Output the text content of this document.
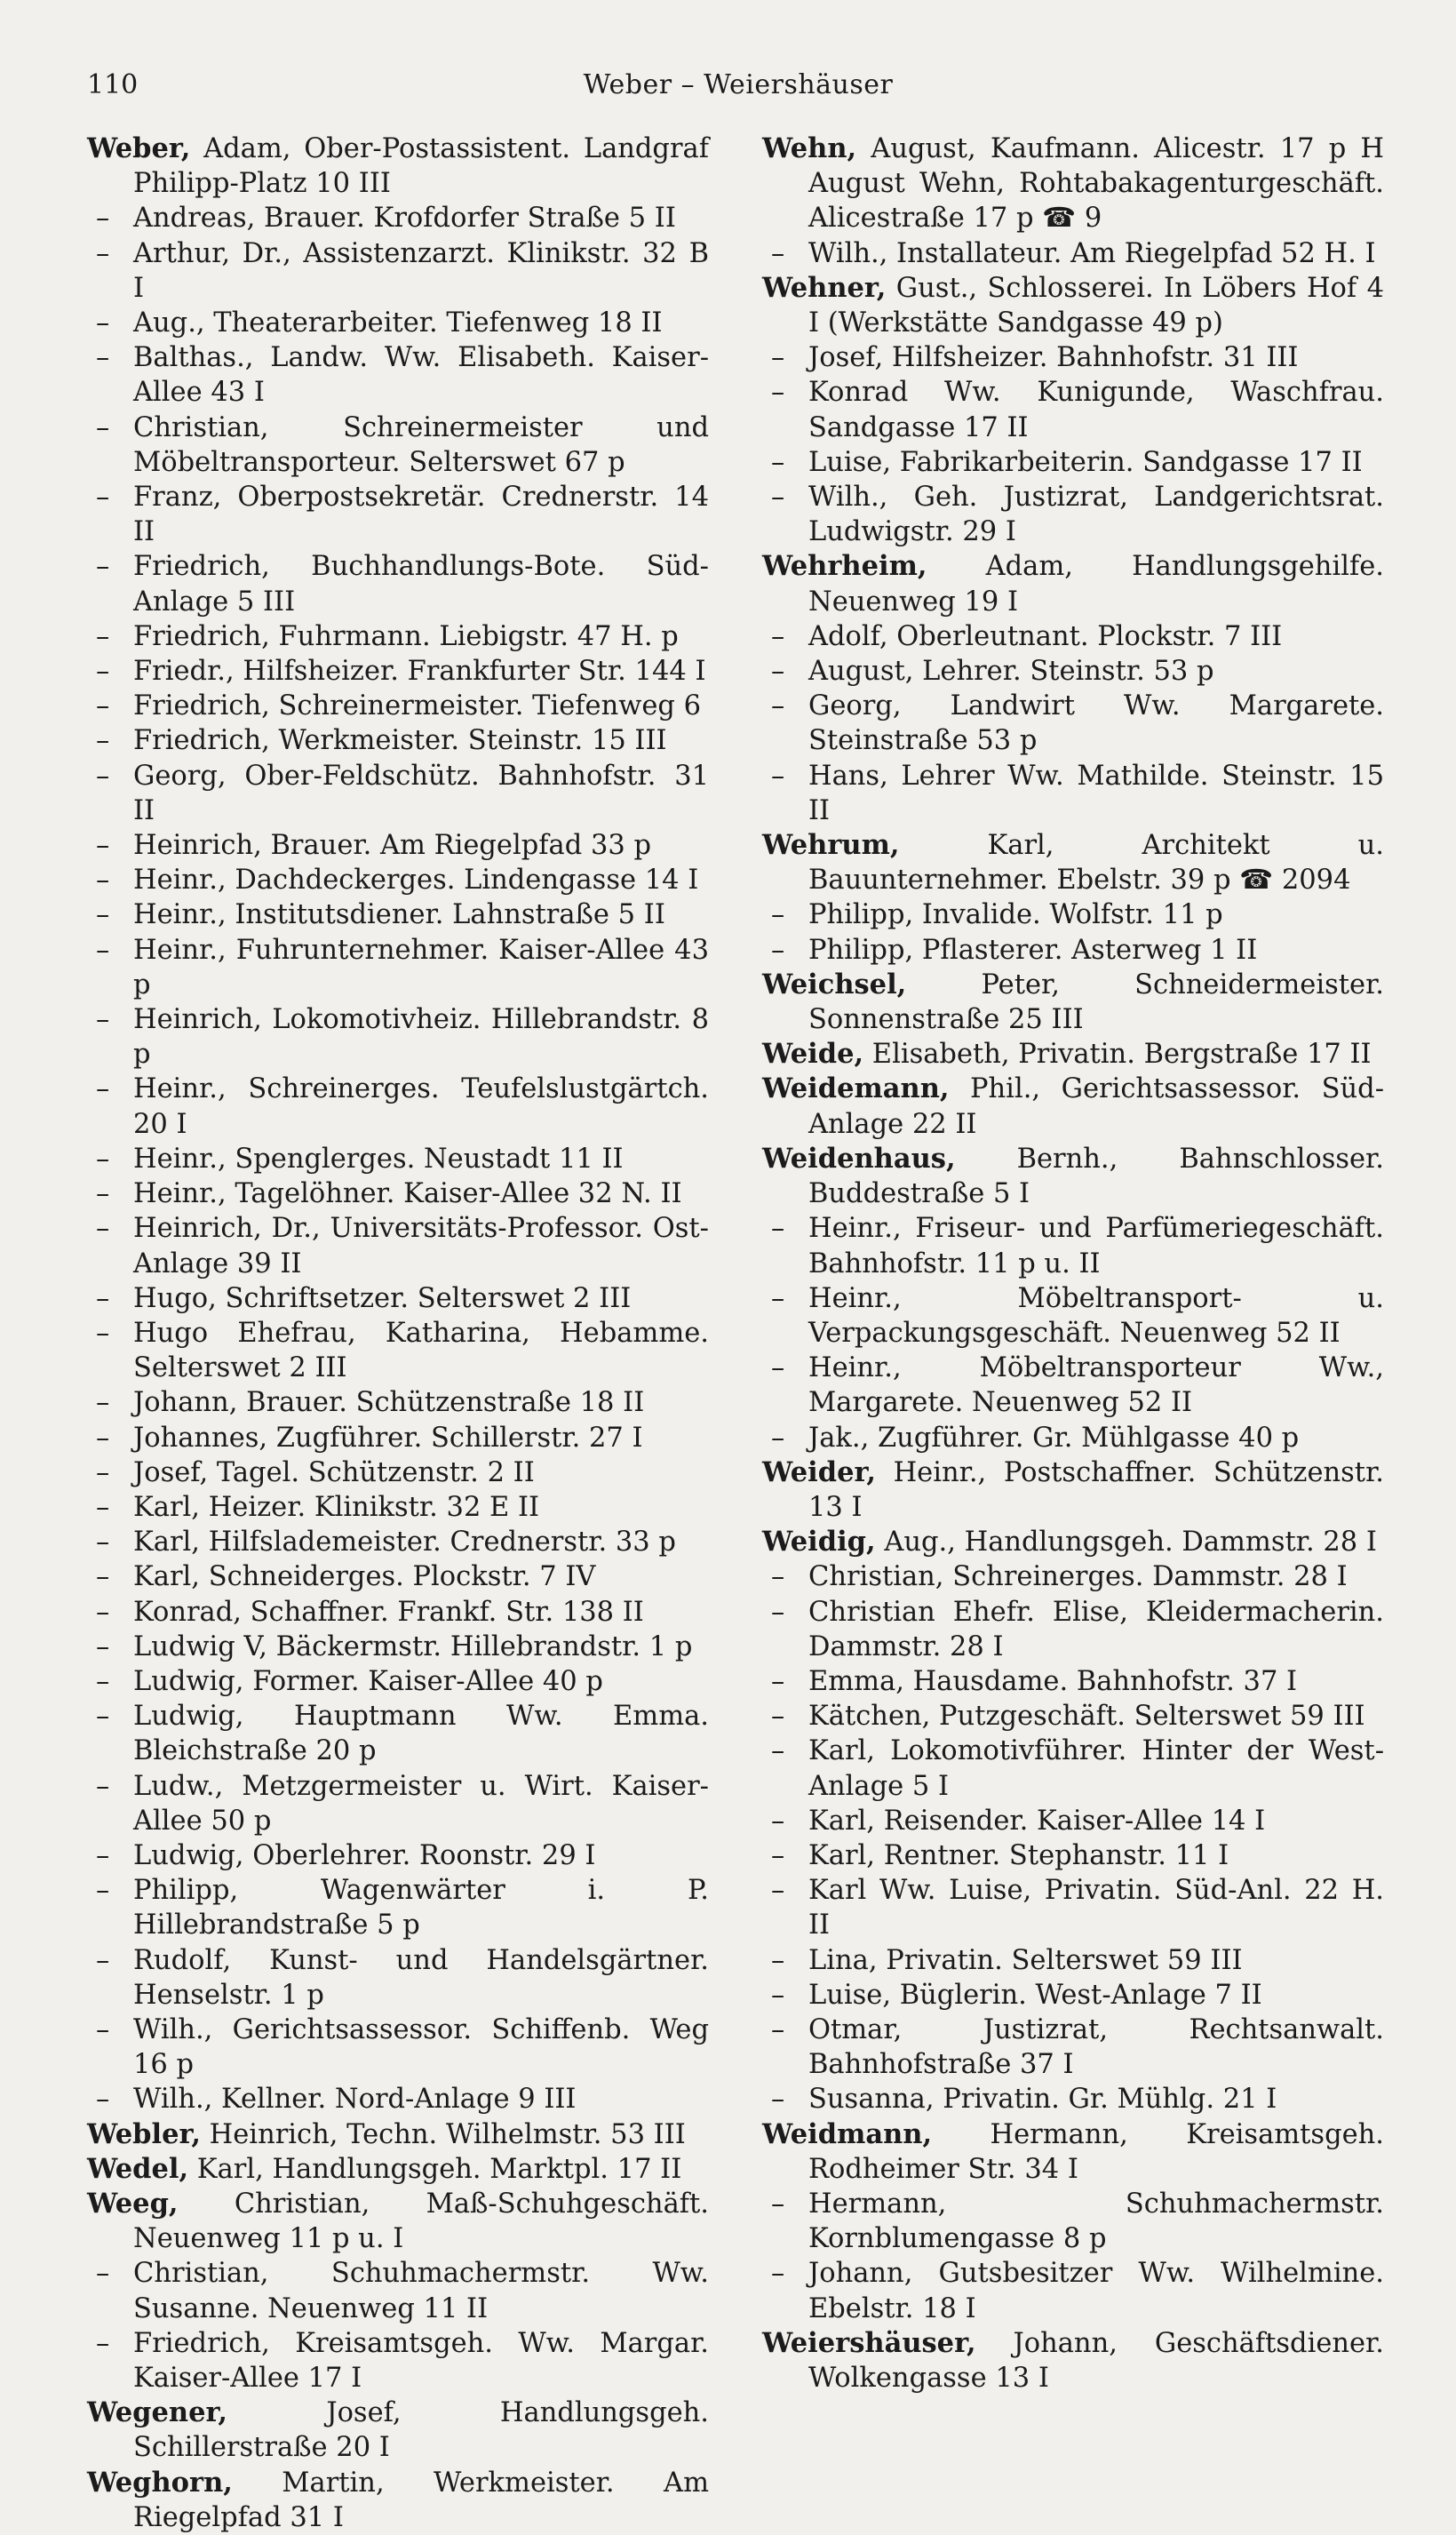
110	Weber – Weiershäuser

Weber, Adam, Ober-Postassistent. Landgraf Philipp-Platz 10 III

– Andreas, Brauer. Krofdorfer Straße 5 II

– Arthur, Dr., Assistenzarzt. Klinikstr. 32 B I

– Aug., Theaterarbeiter. Tiefenweg 18 II

– Balthas., Landw. Ww. Elisabeth. Kaiser-Allee 43 I

– Christian, Schreinermeister und Möbeltransporteur. Selterswet 67 p

– Franz, Oberpostsekretär. Crednerstr. 14 II

– Friedrich, Buchhandlungs-Bote. Süd-Anlage 5 III

– Friedrich, Fuhrmann. Liebigstr. 47 H. p

– Friedr., Hilfsheizer. Frankfurter Str. 144 I

– Friedrich, Schreinermeister. Tiefenweg 6

– Friedrich, Werkmeister. Steinstr. 15 III

– Georg, Ober-Feldschütz. Bahnhofstr. 31 II

– Heinrich, Brauer. Am Riegelpfad 33 p

– Heinr., Dachdeckerges. Lindengasse 14 I

– Heinr., Institutsdiener. Lahnstraße 5 II

– Heinr., Fuhrunternehmer. Kaiser-Allee 43 p

– Heinrich, Lokomotivheiz. Hillebrandstr. 8 p

– Heinr., Schreinerges. Teufelslustgärtch. 20 I

– Heinr., Spenglerges. Neustadt 11 II

– Heinr., Tagelöhner. Kaiser-Allee 32 N. II

– Heinrich, Dr., Universitäts-Professor. Ost-Anlage 39 II

– Hugo, Schriftsetzer. Selterswet 2 III

– Hugo Ehefrau, Katharina, Hebamme. Selterswet 2 III

– Johann, Brauer. Schützenstraße 18 II

– Johannes, Zugführer. Schillerstr. 27 I

– Josef, Tagel. Schützenstr. 2 II

– Karl, Heizer. Klinikstr. 32 E II

– Karl, Hilfslademeister. Crednerstr. 33 p

– Karl, Schneiderges. Plockstr. 7 IV

– Konrad, Schaffner. Frankf. Str. 138 II

– Ludwig V, Bäckermstr. Hillebrandstr. 1 p

– Ludwig, Former. Kaiser-Allee 40 p

– Ludwig, Hauptmann Ww. Emma. Bleichstraße 20 p

– Ludw., Metzgermeister u. Wirt. Kaiser-Allee 50 p

– Ludwig, Oberlehrer. Roonstr. 29 I

– Philipp, Wagenwärter i. P. Hillebrandstraße 5 p

– Rudolf, Kunst- und Handelsgärtner. Henselstr. 1 p

– Wilh., Gerichtsassessor. Schiffenb. Weg 16 p

– Wilh., Kellner. Nord-Anlage 9 III

Webler, Heinrich, Techn. Wilhelmstr. 53 III

Wedel, Karl, Handlungsgeh. Marktpl. 17 II

Weeg, Christian, Maß-Schuhgeschäft. Neuenweg 11 p u. I

– Christian, Schuhmachermstr. Ww. Susanne. Neuenweg 11 II

– Friedrich, Kreisamtsgeh. Ww. Margar. Kaiser-Allee 17 I

Wegener, Josef, Handlungsgeh. Schillerstraße 20 I

Weghorn, Martin, Werkmeister. Am Riegelpfad 31 I

Wehn, August, Kaufmann. Alicestr. 17 p H August Wehn, Rohtabakagenturgeschäft. Alicestraße 17 p ☎ 9

– Wilh., Installateur. Am Riegelpfad 52 H. I

Wehner, Gust., Schlosserei. In Löbers Hof 4 I (Werkstätte Sandgasse 49 p)

– Josef, Hilfsheizer. Bahnhofstr. 31 III

– Konrad Ww. Kunigunde, Waschfrau. Sandgasse 17 II

– Luise, Fabrikarbeiterin. Sandgasse 17 II

– Wilh., Geh. Justizrat, Landgerichtsrat. Ludwigstr. 29 I

Wehrheim, Adam, Handlungsgehilfe. Neuenweg 19 I

– Adolf, Oberleutnant. Plockstr. 7 III

– August, Lehrer. Steinstr. 53 p

– Georg, Landwirt Ww. Margarete. Steinstraße 53 p

– Hans, Lehrer Ww. Mathilde. Steinstr. 15 II

Wehrum, Karl, Architekt u. Bauunternehmer. Ebelstr. 39 p ☎ 2094

– Philipp, Invalide. Wolfstr. 11 p

– Philipp, Pflasterer. Asterweg 1 II

Weichsel, Peter, Schneidermeister. Sonnenstraße 25 III

Weide, Elisabeth, Privatin. Bergstraße 17 II

Weidemann, Phil., Gerichtsassessor. Süd-Anlage 22 II

Weidenhaus, Bernh., Bahnschlosser. Buddestraße 5 I

– Heinr., Friseur- und Parfümeriegeschäft. Bahnhofstr. 11 p u. II

– Heinr., Möbeltransport- u. Verpackungsgeschäft. Neuenweg 52 II

– Heinr., Möbeltransporteur Ww., Margarete. Neuenweg 52 II

– Jak., Zugführer. Gr. Mühlgasse 40 p

Weider, Heinr., Postschaffner. Schützenstr. 13 I

Weidig, Aug., Handlungsgeh. Dammstr. 28 I

– Christian, Schreinerges. Dammstr. 28 I

– Christian Ehefr. Elise, Kleidermacherin. Dammstr. 28 I

– Emma, Hausdame. Bahnhofstr. 37 I

– Kätchen, Putzgeschäft. Selterswet 59 III

– Karl, Lokomotivführer. Hinter der West-Anlage 5 I

– Karl, Reisender. Kaiser-Allee 14 I

– Karl, Rentner. Stephanstr. 11 I

– Karl Ww. Luise, Privatin. Süd-Anl. 22 H. II

– Lina, Privatin. Selterswet 59 III

– Luise, Büglerin. West-Anlage 7 II

– Otmar, Justizrat, Rechtsanwalt. Bahnhofstraße 37 I

– Susanna, Privatin. Gr. Mühlg. 21 I

Weidmann, Hermann, Kreisamtsgeh. Rodheimer Str. 34 I

– Hermann, Schuhmachermstr. Kornblumengasse 8 p

– Johann, Gutsbesitzer Ww. Wilhelmine. Ebelstr. 18 I

Weiershäuser, Johann, Geschäftsdiener. Wolkengasse 13 I
